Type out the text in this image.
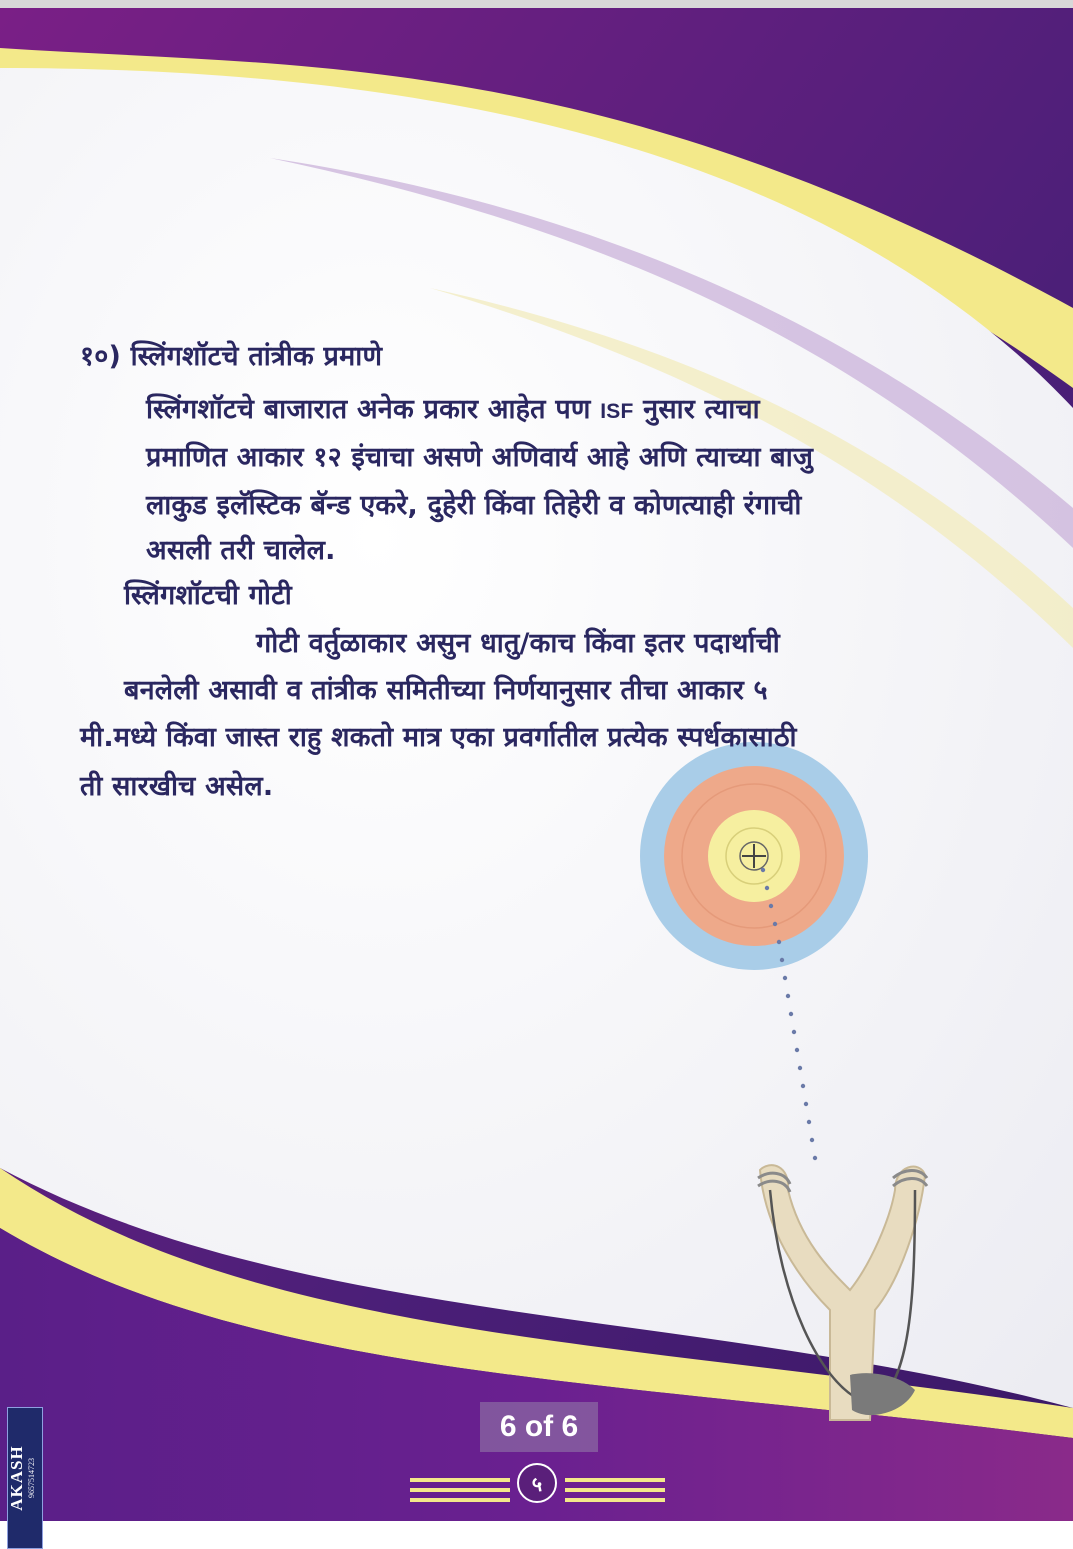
१०) स्लिंगशॉटचे तांत्रीक प्रमाणे
स्लिंगशॉटचे बाजारात अनेक प्रकार आहेत पण ISF नुसार त्याचा
प्रमाणित आकार १२ इंचाचा असणे अणिवार्य आहे अणि त्याच्या बाजु
लाकुड इलॅस्टिक बॅन्ड एकरे, दुहेरी किंवा तिहेरी व कोणत्याही रंगाची
असली तरी चालेल.
स्लिंगशॉटची गोटी
गोटी वर्तुळाकार असुन धातु/काच किंवा इतर पदार्थाची
बनलेली असावी व तांत्रीक समितीच्या निर्णयानुसार तीचा आकार ५
मी.मध्ये किंवा जास्त राहु शकतो मात्र एका प्रवर्गातील प्रत्येक स्पर्धकासाठी
ती सारखीच असेल.
6 of 6
५
AKASH 9657514723
